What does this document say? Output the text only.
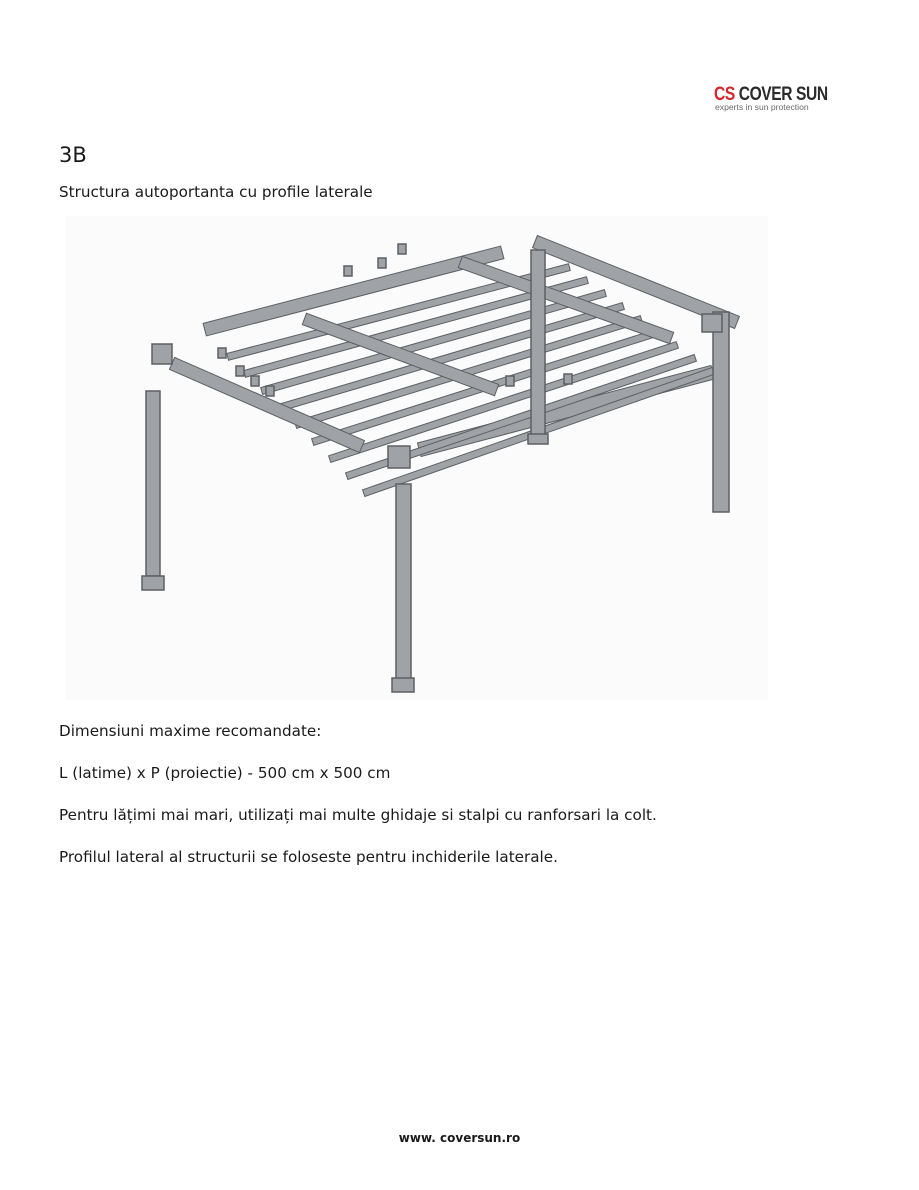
CS COVER SUN
experts in sun protection
3B
Structura autoportanta cu profile laterale
Dimensiuni maxime recomandate:
L (latime) x P (proiectie) - 500 cm x 500 cm
Pentru lățimi mai mari, utilizați mai multe ghidaje si stalpi cu ranforsari la colt.
Profilul lateral al structurii se foloseste pentru inchiderile laterale.
www. coversun.ro
